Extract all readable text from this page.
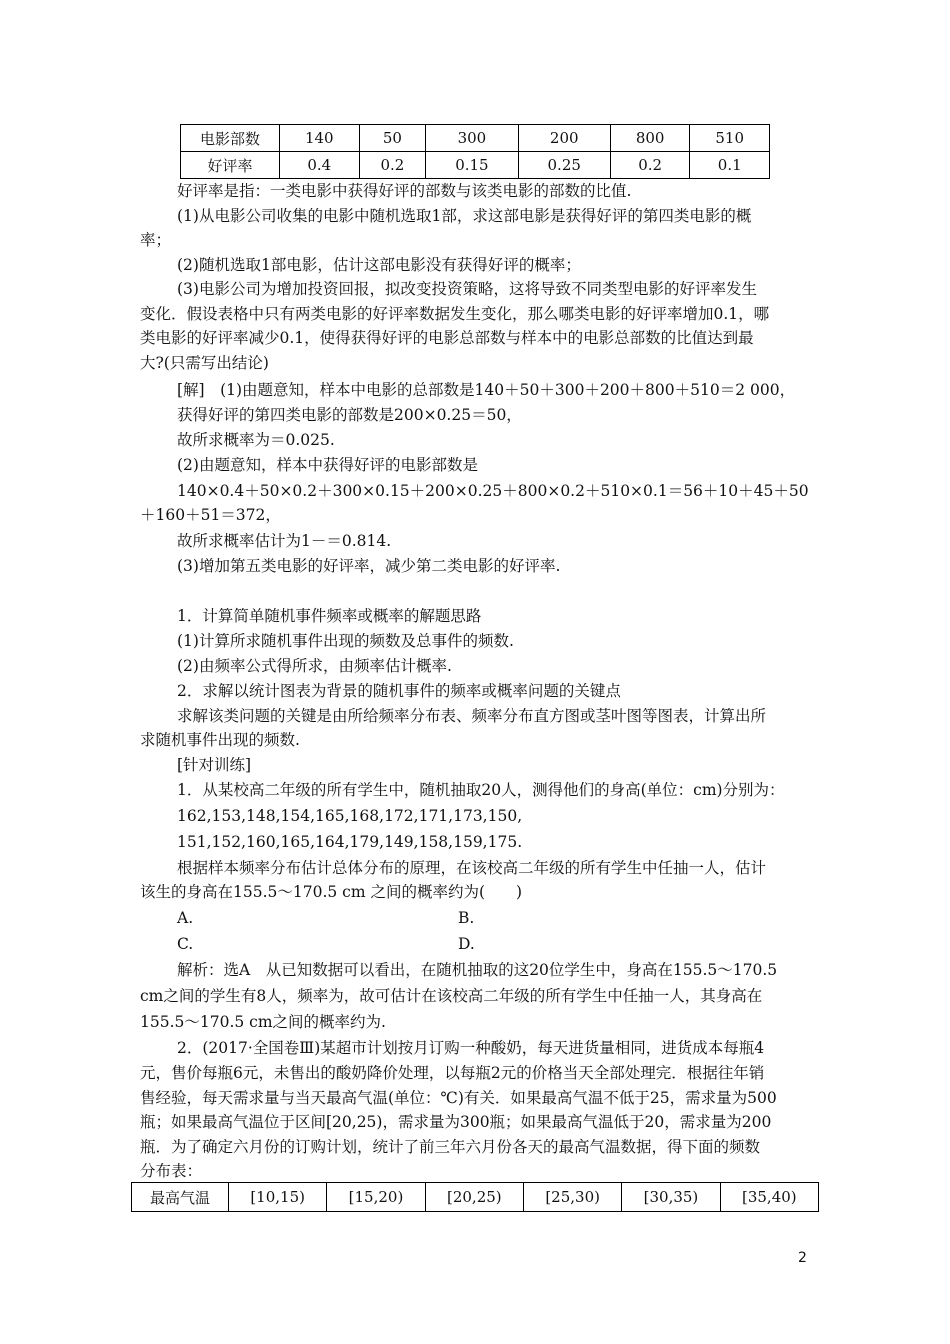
电影部数	140	50	300	200	800	510
好评率	0.4	0.2	0.15	0.25	0.2	0.1
好评率是指：一类电影中获得好评的部数与该类电影的部数的比值.
(1)从电影公司收集的电影中随机选取1部，求这部电影是获得好评的第四类电影的概
率；
(2)随机选取1部电影，估计这部电影没有获得好评的概率；
(3)电影公司为增加投资回报，拟改变投资策略，这将导致不同类型电影的好评率发生
变化．假设表格中只有两类电影的好评率数据发生变化，那么哪类电影的好评率增加0.1，哪
类电影的好评率减少0.1，使得获得好评的电影总部数与样本中的电影总部数的比值达到最
大?(只需写出结论)
[解]　(1)由题意知，样本中电影的总部数是140＋50＋300＋200＋800＋510＝2 000，
获得好评的第四类电影的部数是200×0.25＝50，
故所求概率为＝0.025.
(2)由题意知，样本中获得好评的电影部数是
140×0.4＋50×0.2＋300×0.15＋200×0.25＋800×0.2＋510×0.1＝56＋10＋45＋50
＋160＋51＝372，
故所求概率估计为1－＝0.814.
(3)增加第五类电影的好评率，减少第二类电影的好评率.
1．计算简单随机事件频率或概率的解题思路
(1)计算所求随机事件出现的频数及总事件的频数.
(2)由频率公式得所求，由频率估计概率.
2．求解以统计图表为背景的随机事件的频率或概率问题的关键点
求解该类问题的关键是由所给频率分布表、频率分布直方图或茎叶图等图表，计算出所
求随机事件出现的频数.
[针对训练]
1．从某校高二年级的所有学生中，随机抽取20人，测得他们的身高(单位：cm)分别为：
162,153,148,154,165,168,172,171,173,150,
151,152,160,165,164,179,149,158,159,175.
根据样本频率分布估计总体分布的原理，在该校高二年级的所有学生中任抽一人，估计
该生的身高在155.5～170.5 cm 之间的概率约为(　　)
A.	B.
C.	D.
解析：选A　从已知数据可以看出，在随机抽取的这20位学生中，身高在155.5～170.5
cm之间的学生有8人，频率为，故可估计在该校高二年级的所有学生中任抽一人，其身高在
155.5～170.5 cm之间的概率约为.
2．(2017·全国卷Ⅲ)某超市计划按月订购一种酸奶，每天进货量相同，进货成本每瓶4
元，售价每瓶6元，未售出的酸奶降价处理，以每瓶2元的价格当天全部处理完．根据往年销
售经验，每天需求量与当天最高气温(单位：℃)有关．如果最高气温不低于25，需求量为500
瓶；如果最高气温位于区间[20,25)，需求量为300瓶；如果最高气温低于20，需求量为200
瓶．为了确定六月份的订购计划，统计了前三年六月份各天的最高气温数据，得下面的频数
分布表：
最高气温	[10,15)	[15,20)	[20,25)	[25,30)	[30,35)	[35,40)
2
